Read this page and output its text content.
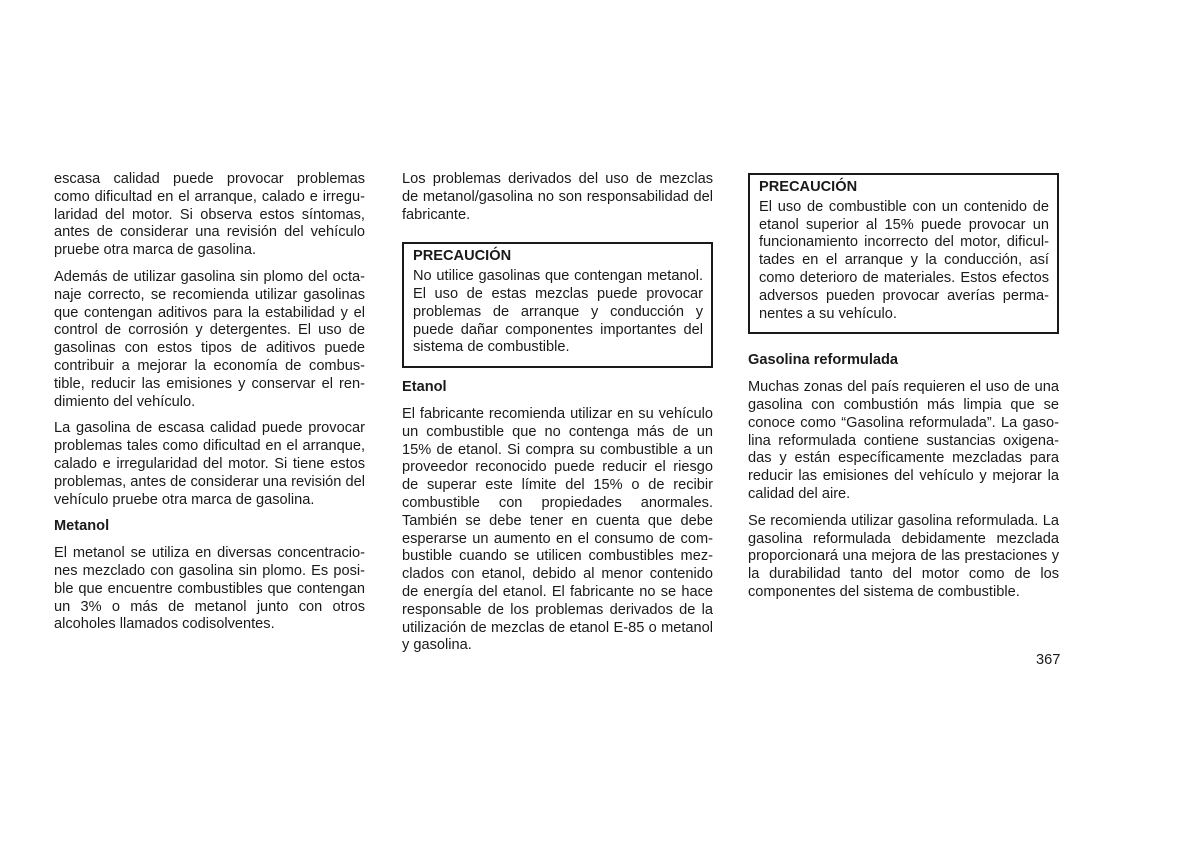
escasa calidad puede provocar problemas como dificultad en el arranque, calado e irregularidad del motor. Si observa estos síntomas, antes de considerar una revisión del vehículo pruebe otra marca de gasolina.

Además de utilizar gasolina sin plomo del octanaje correcto, se recomienda utilizar gasolinas que contengan aditivos para la estabilidad y el control de corrosión y detergentes. El uso de gasolinas con estos tipos de aditivos puede contribuir a mejorar la economía de combustible, reducir las emisiones y conservar el rendimiento del vehículo.

La gasolina de escasa calidad puede provocar problemas tales como dificultad en el arranque, calado e irregularidad del motor. Si tiene estos problemas, antes de considerar una revisión del vehículo pruebe otra marca de gasolina.

Metanol

El metanol se utiliza en diversas concentraciones mezclado con gasolina sin plomo. Es posible que encuentre combustibles que contengan un 3% o más de metanol junto con otros alcoholes llamados codisolventes.

Los problemas derivados del uso de mezclas de metanol/gasolina no son responsabilidad del fabricante.

PRECAUCIÓN

No utilice gasolinas que contengan metanol. El uso de estas mezclas puede provocar problemas de arranque y conducción y puede dañar componentes importantes del sistema de combustible.

Etanol

El fabricante recomienda utilizar en su vehículo un combustible que no contenga más de un 15% de etanol. Si compra su combustible a un proveedor reconocido puede reducir el riesgo de superar este límite del 15% o de recibir combustible con propiedades anormales. También se debe tener en cuenta que debe esperarse un aumento en el consumo de combustible cuando se utilicen combustibles mezclados con etanol, debido al menor contenido de energía del etanol. El fabricante no se hace responsable de los problemas derivados de la utilización de mezclas de etanol E-85 o metanol y gasolina.

PRECAUCIÓN

El uso de combustible con un contenido de etanol superior al 15% puede provocar un funcionamiento incorrecto del motor, dificultades en el arranque y la conducción, así como deterioro de materiales. Estos efectos adversos pueden provocar averías permanentes a su vehículo.

Gasolina reformulada

Muchas zonas del país requieren el uso de una gasolina con combustión más limpia que se conoce como “Gasolina reformulada”. La gasolina reformulada contiene sustancias oxigenadas y están específicamente mezcladas para reducir las emisiones del vehículo y mejorar la calidad del aire.

Se recomienda utilizar gasolina reformulada. La gasolina reformulada debidamente mezclada proporcionará una mejora de las prestaciones y la durabilidad tanto del motor como de los componentes del sistema de combustible.

367
